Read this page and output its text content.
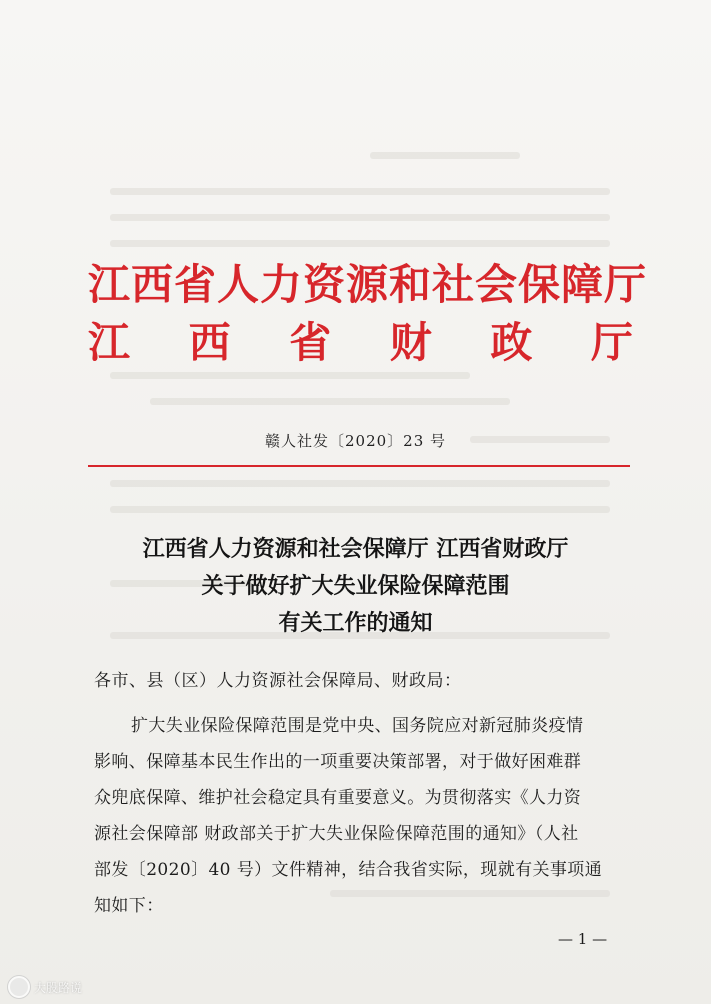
江西省人力资源和社会保障厅
江 西 省 财 政 厅
赣人社发〔2020〕23 号
江西省人力资源和社会保障厅 江西省财政厅
关于做好扩大失业保险保障范围
有关工作的通知
各市、县（区）人力资源社会保障局、财政局：
扩大失业保险保障范围是党中央、国务院应对新冠肺炎疫情
影响、保障基本民生作出的一项重要决策部署，对于做好困难群
众兜底保障、维护社会稳定具有重要意义。为贯彻落实《人力资
源社会保障部 财政部关于扩大失业保险保障范围的通知》（人社
部发〔2020〕40 号）文件精神，结合我省实际，现就有关事项通
知如下：
— 1 —
大股路说
